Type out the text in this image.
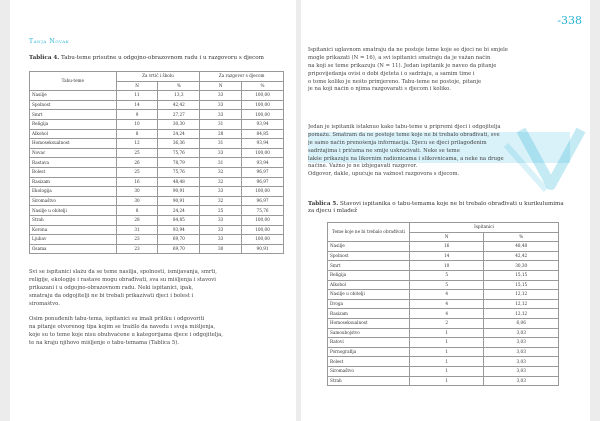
Tanja Novak
Tablica 4. Tabu-teme prisutne u odgojno-obrazovnom radu i u razgovoru s djecom
Tabu-teme	Za vrtić i školu		Za razgovor s djecom	
	N	%	N	%
Nasilje	11	13,3	33	100,00
Spolnost	14	42,42	33	100,00
Smrt	9	27,27	33	100,00
Religija	10	30,30	31	93,94
Alkohol	8	24,24	28	84,85
Homoseksualnost	12	36,36	31	93,94
Novac	25	75,76	33	100,00
Rastava	26	78,79	31	93,94
Bolest	25	75,76	32	96,97
Rasizam	16	48,48	32	96,97
Ekologija	30	90,91	33	100,00
Siromaštvo	30	90,91	32	96,97
Nasilje u obitelji	8	24,24	25	75,76
Strah	28	84,85	33	100,00
Korona	31	93,94	33	100,00
Ljubav	23	69,70	33	100,00
Osama	23	69,70	30	90,91
Svi se ispitanici slažu da se teme nasilja, spolnosti, ismijavanja, smrti,
religije, ekologije i rastave mogu obrađivati, sva su mišljenja i stavovi
prikazani i u odgojno-obrazovnom radu. Neki ispitanici, ipak,
smatraju da odgojitelji ne bi trebali prikazivati djeci i bolest i
siromaštvo.
Osim ponuđenih tabu-tema, ispitanici su imali priliku i odgovoriti
na pitanje otvorenog tipa kojim se tražilo da navedu i svoja mišljenja,
koje su to teme koje nisu obuhvaćene u kategorijama djece i odgojitelja,
te na kraju njihovo mišljenje o tabu-temama (Tablica 5).
-338
Ispitanici uglavnom smatraju da ne postoje teme koje se djeci ne bi smjele
mogle prikazati (N = 16), a svi ispitanici smatraju da je važan način
na koji se teme prikazuju (N = 11). Jedan ispitanik je naveo da pitanje
pripovijedanja ovisi o dobi djeteta i o sadržaju, a samim time i
o tome koliko je nešto primjereno. Tabu-teme ne postoje, pitanje
je na koji način o njima razgovarati s djecom i koliko.
Jedan je ispitanik istaknuo kako tabu-teme u pripremi djeci i odgojitelja
pomažu. Smatram da ne postoje teme koje ne bi trebalo obrađivati, sve
je samo način prenošenja informacija. Djecu se djeci prilagođenim
sadržajima i pričama ne smije uskraćivati. Neke se teme
lakše prikazuju na likovnim radionicama i slikovnicama, a neke na druge
načine. Važno je ne izbjegavati razgovor.
Odgovor, dakle, upućuje na važnost razgovora s djecom.
Tablica 5. Stavovi ispitanika o tabu-temama koje ne bi trebalo obrađivati u kurikulumima za djecu i mladež
Teme koje ne bi trebalo obrađivati	Ispitanici	
	N	%
Nasilje	16	48,48
Spolnost	14	42,42
Smrt	10	30,30
Religija	5	15,15
Alkohol	5	15,15
Nasilje u obitelji	4	12,12
Droga	4	12,12
Rasizam	4	12,12
Homoseksualnost	2	6,06
Samoubojstvo	1	3,03
Ratovi	1	3,03
Pornografija	1	3,03
Bolest	1	3,03
Siromaštvo	1	3,03
Strah	1	3,03
